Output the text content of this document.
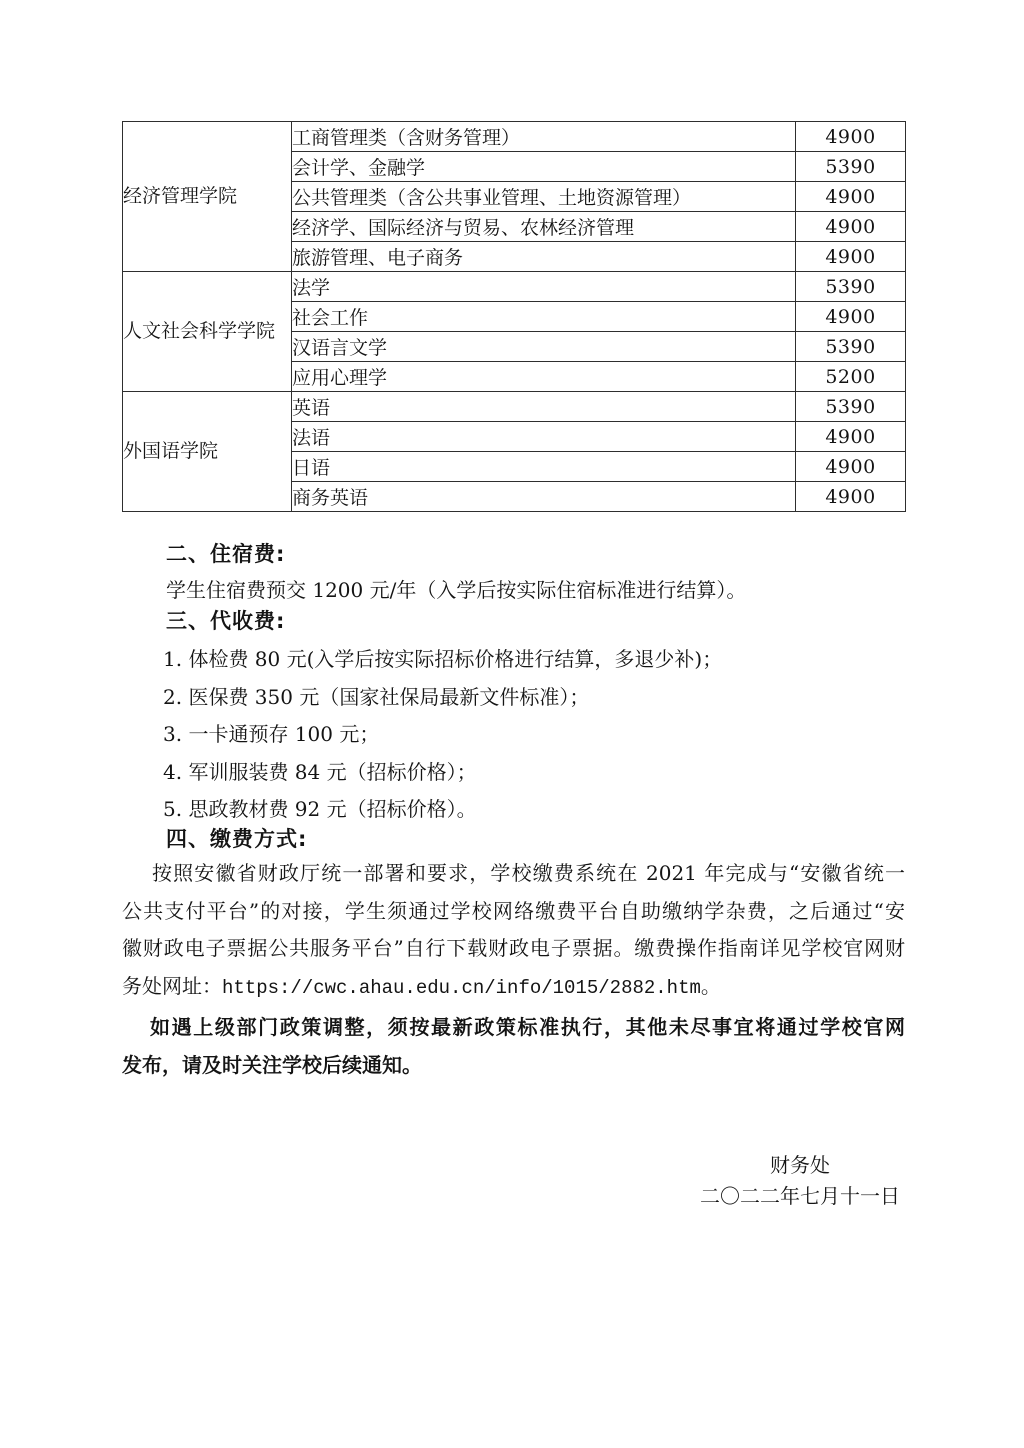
经济管理学院	工商管理类（含财务管理）	4900
	会计学、金融学	5390
	公共管理类（含公共事业管理、土地资源管理）	4900
	经济学、国际经济与贸易、农林经济管理	4900
	旅游管理、电子商务	4900
人文社会科学学院	法学	5390
	社会工作	4900
	汉语言文学	5390
	应用心理学	5200
外国语学院	英语	5390
	法语	4900
	日语	4900
	商务英语	4900
二、住宿费:
学生住宿费预交 1200 元/年（入学后按实际住宿标准进行结算）。
三、代收费:
1. 体检费 80 元(入学后按实际招标价格进行结算，多退少补)；
2. 医保费 350 元（国家社保局最新文件标准）；
3. 一卡通预存 100 元；
4. 军训服装费 84 元（招标价格）；
5. 思政教材费 92 元（招标价格）。
四、缴费方式:
按照安徽省财政厅统一部署和要求，学校缴费系统在 2021 年完成与“安徽省统一
公共支付平台”的对接，学生须通过学校网络缴费平台自助缴纳学杂费，之后通过“安
徽财政电子票据公共服务平台”自行下载财政电子票据。缴费操作指南详见学校官网财
务处网址：https://cwc.ahau.edu.cn/info/1015/2882.htm。
如遇上级部门政策调整，须按最新政策标准执行，其他未尽事宜将通过学校官网
发布，请及时关注学校后续通知。
财务处
二〇二二年七月十一日
